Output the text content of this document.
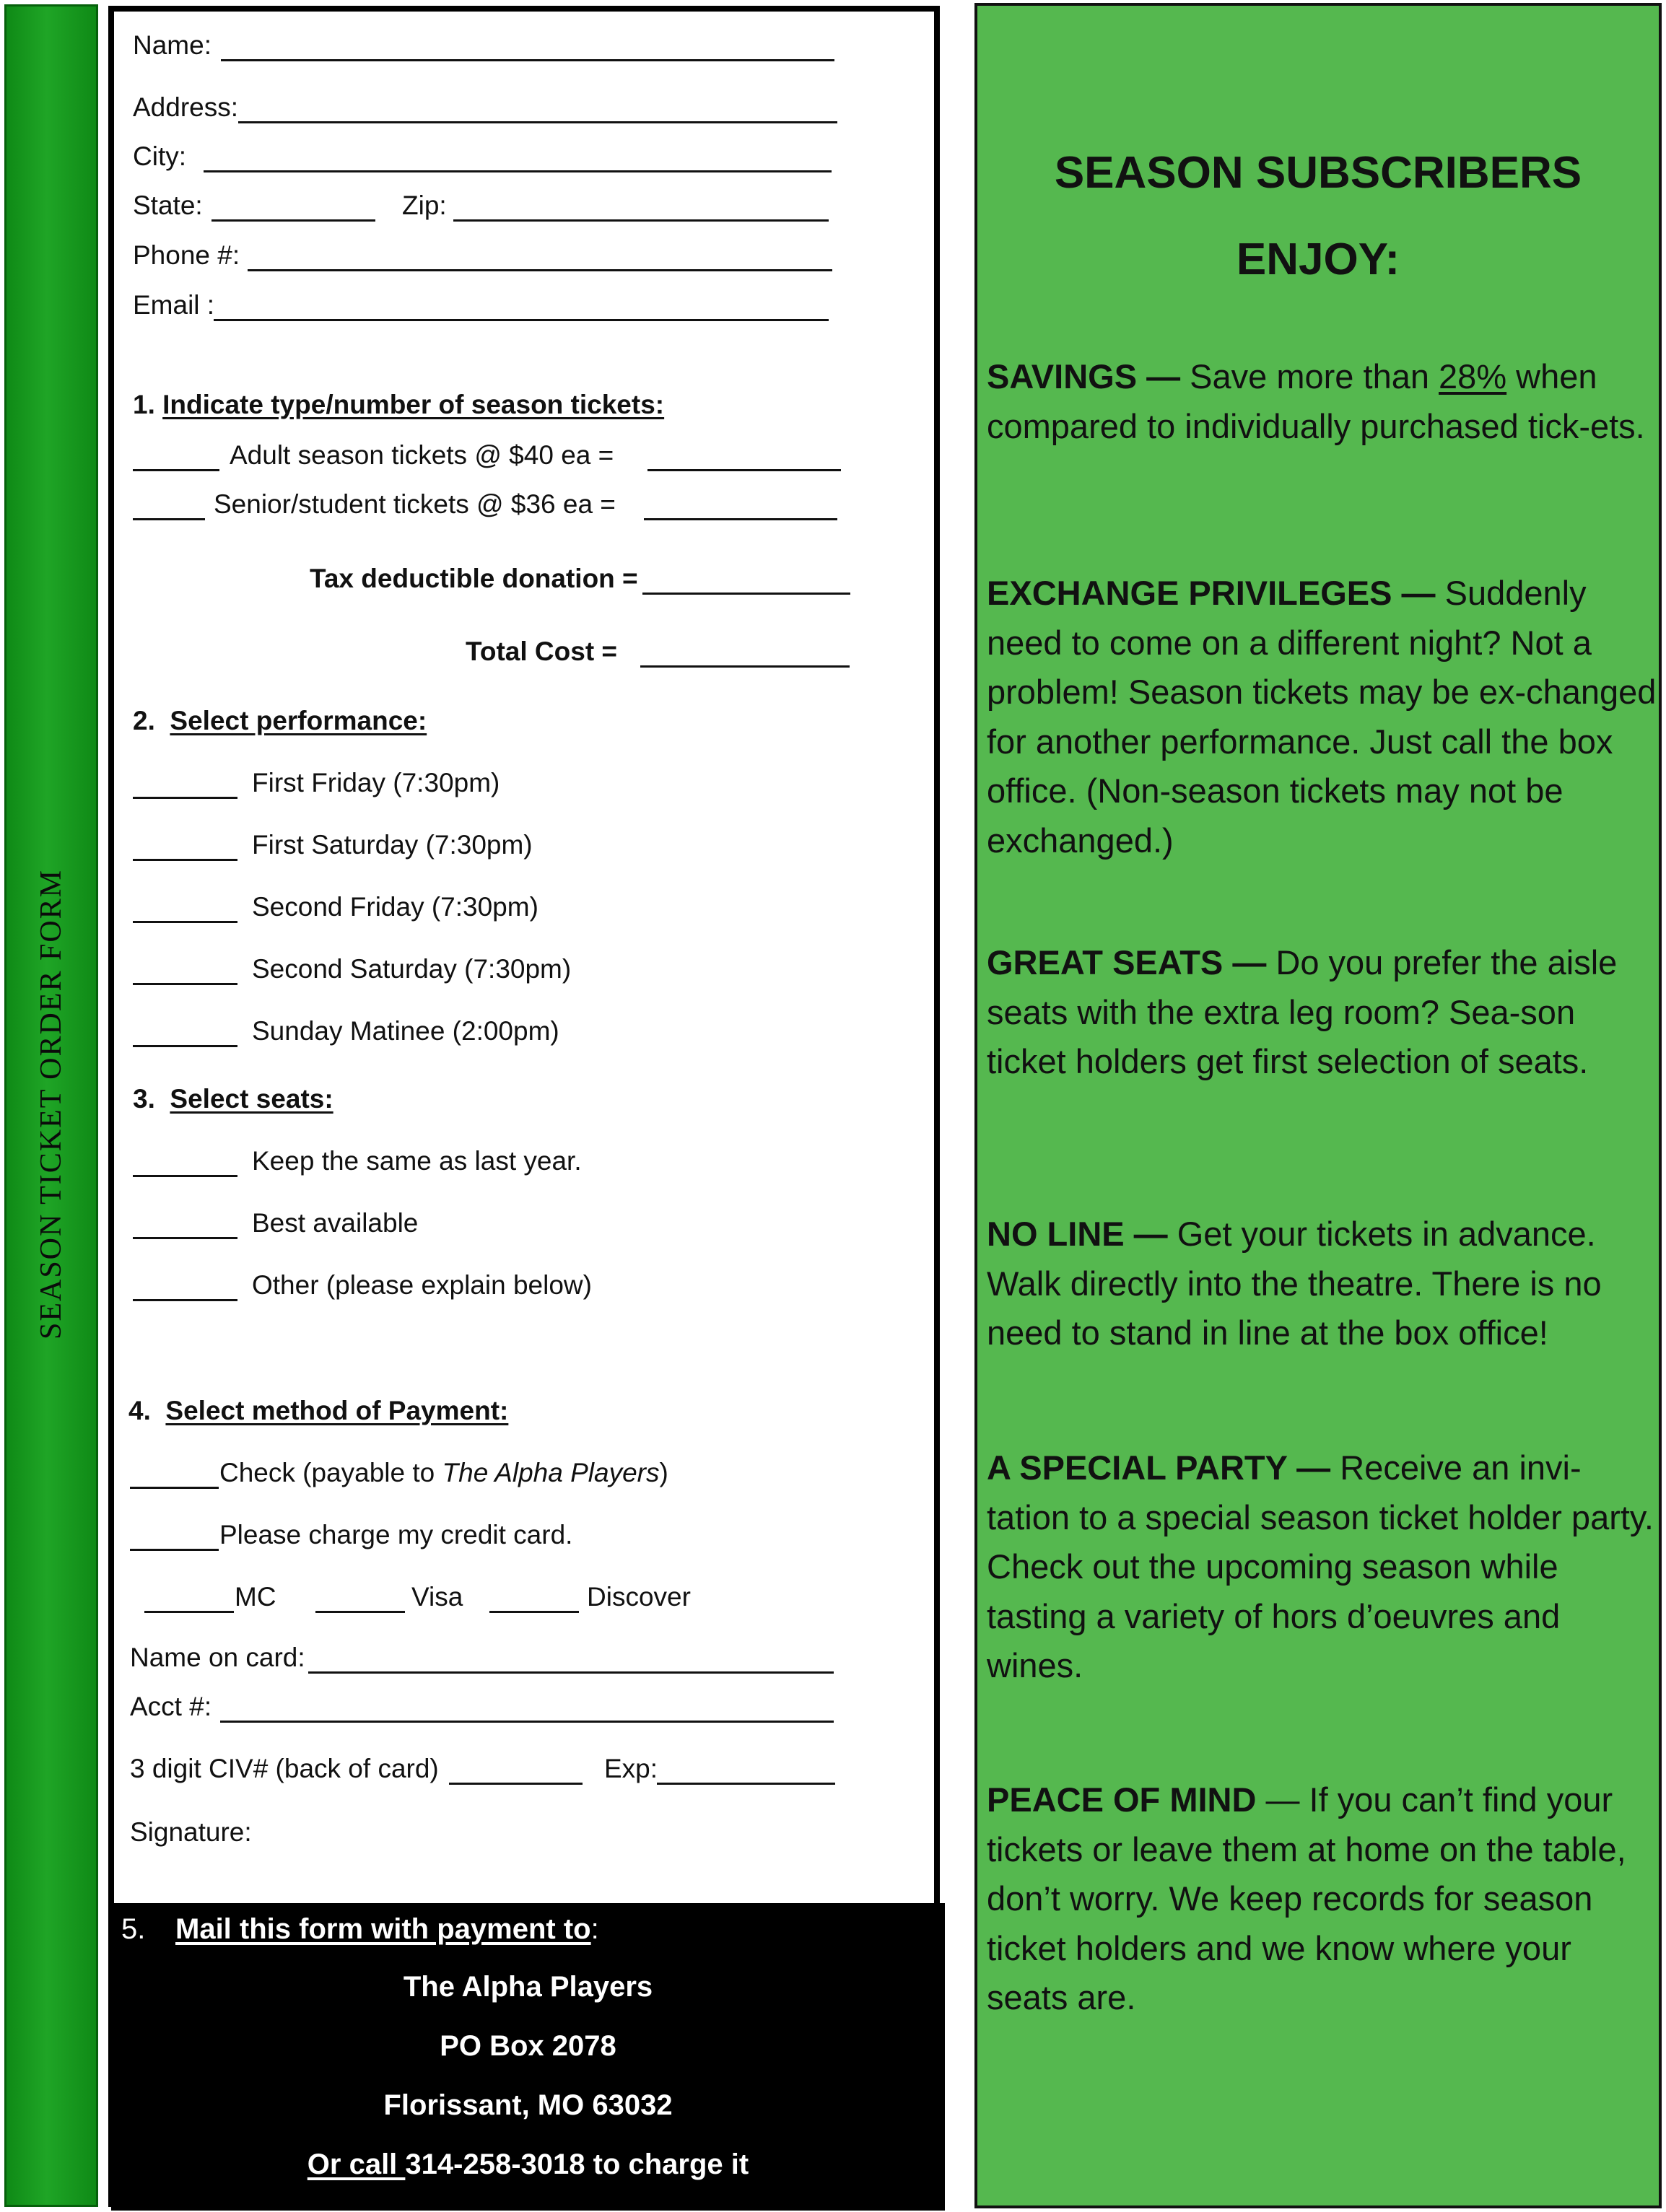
SEASON TICKET ORDER FORM
Name:
Address:
City:
State:	Zip:
Phone #:
Email :
1. Indicate type/number of season tickets:
Adult season tickets @ $40 ea =
Senior/student tickets @ $36 ea =
Tax deductible donation =
Total Cost =
2. Select performance:
First Friday (7:30pm)
First Saturday (7:30pm)
Second Friday (7:30pm)
Second Saturday (7:30pm)
Sunday Matinee (2:00pm)
3. Select seats:
Keep the same as last year.
Best available
Other (please explain below)
4. Select method of Payment:
Check (payable to The Alpha Players)
Please charge my credit card.
MC	Visa	Discover
Name on card:
Acct #:
3 digit CIV# (back of card)	Exp:
Signature:
5. Mail this form with payment to:
The Alpha Players
PO Box 2078
Florissant, MO 63032
Or call 314-258-3018 to charge it
SEASON SUBSCRIBERS
ENJOY:
SAVINGS — Save more than 28% when compared to individually purchased tick-ets.
EXCHANGE PRIVILEGES — Suddenly need to come on a different night? Not a problem! Season tickets may be ex-changed for another performance. Just call the box office. (Non-season tickets may not be exchanged.)
GREAT SEATS — Do you prefer the aisle seats with the extra leg room? Sea-son ticket holders get first selection of seats.
NO LINE — Get your tickets in advance. Walk directly into the theatre. There is no need to stand in line at the box office!
A SPECIAL PARTY — Receive an invi-tation to a special season ticket holder party. Check out the upcoming season while tasting a variety of hors d’oeuvres and wines.
PEACE OF MIND — If you can’t find your tickets or leave them at home on the table, don’t worry. We keep records for season ticket holders and we know where your seats are.
